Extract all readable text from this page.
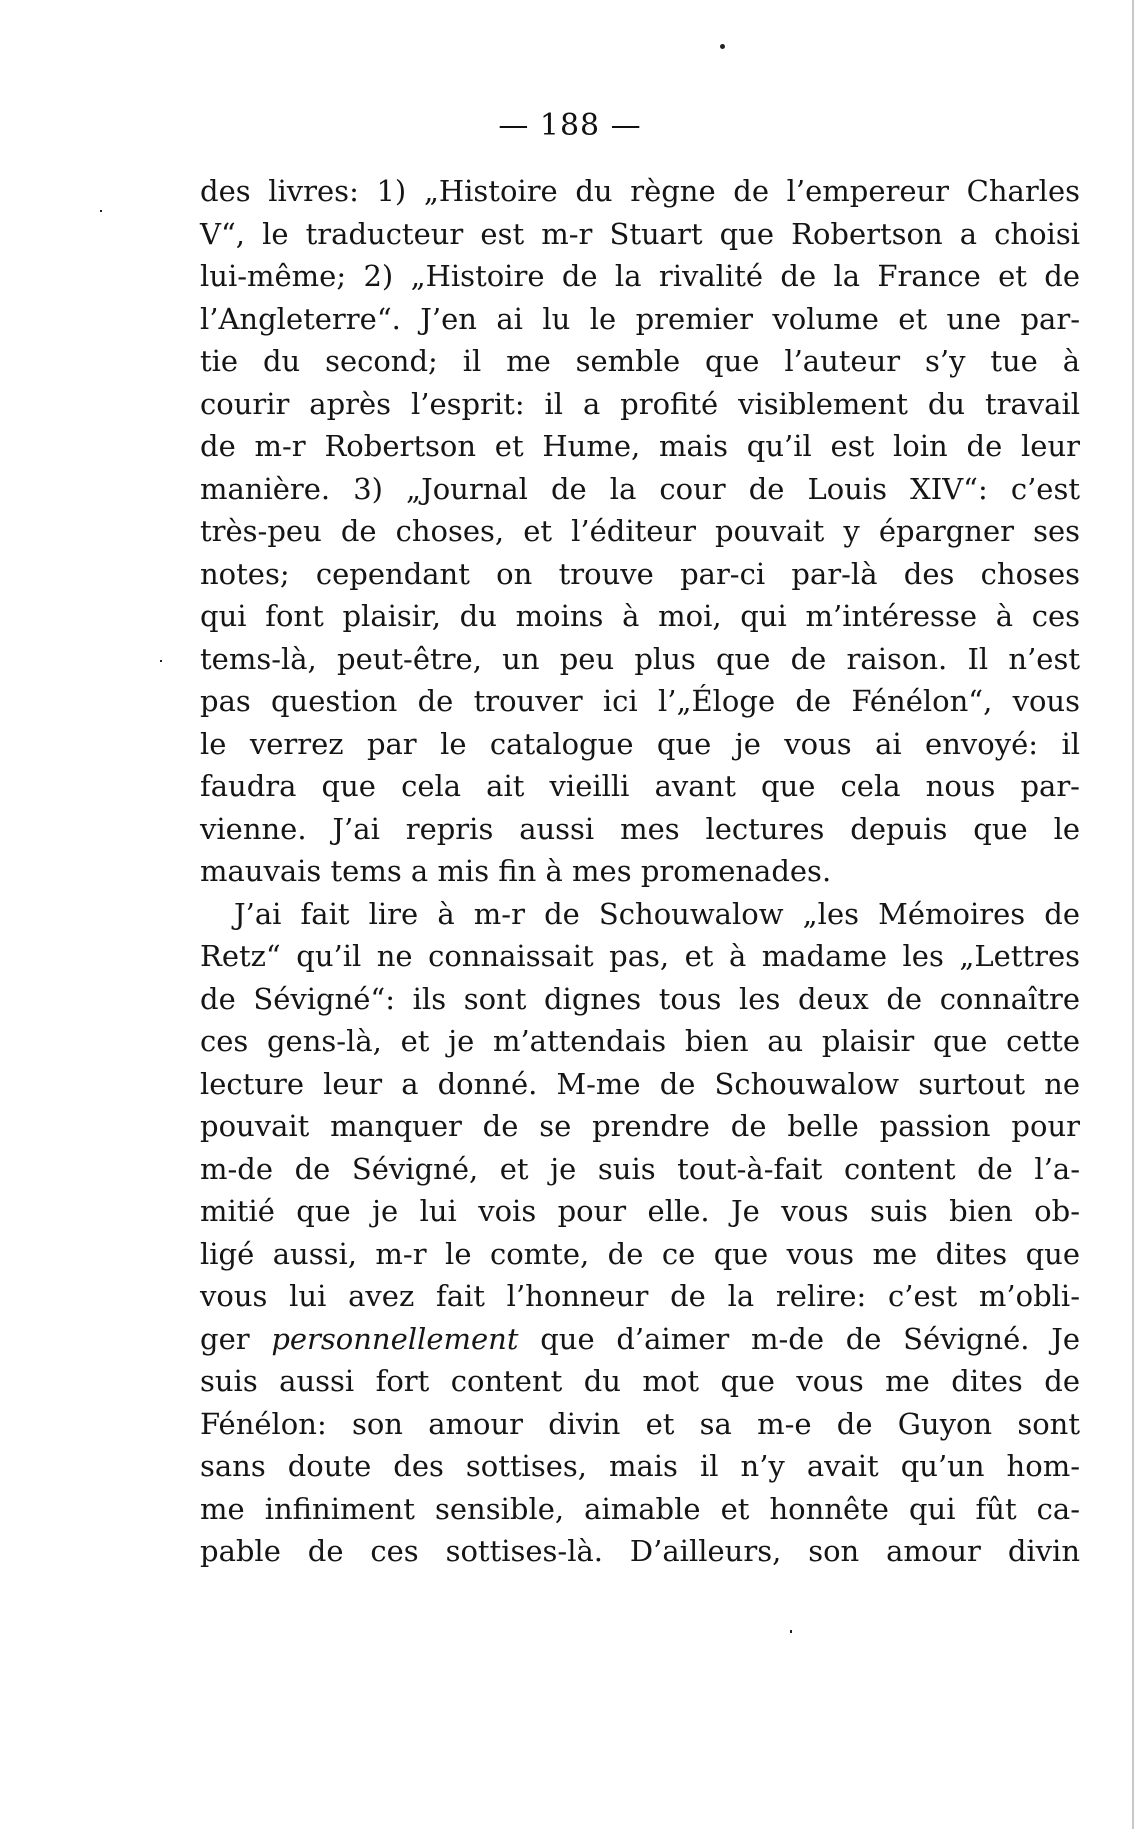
— 188 —
des livres: 1) „Histoire du règne de l’empereur Charles
V“, le traducteur est m-r Stuart que Robertson a choisi
lui-même; 2) „Histoire de la rivalité de la France et de
l’Angleterre“. J’en ai lu le premier volume et une par-
tie du second; il me semble que l’auteur s’y tue à
courir après l’esprit: il a profité visiblement du travail
de m-r Robertson et Hume, mais qu’il est loin de leur
manière. 3) „Journal de la cour de Louis XIV“: c’est
très-peu de choses, et l’éditeur pouvait y épargner ses
notes; cependant on trouve par-ci par-là des choses
qui font plaisir, du moins à moi, qui m’intéresse à ces
tems-là, peut-être, un peu plus que de raison. Il n’est
pas question de trouver ici l’„Éloge de Fénélon“, vous
le verrez par le catalogue que je vous ai envoyé: il
faudra que cela ait vieilli avant que cela nous par-
vienne. J’ai repris aussi mes lectures depuis que le
mauvais tems a mis fin à mes promenades.
J’ai fait lire à m-r de Schouwalow „les Mémoires de
Retz“ qu’il ne connaissait pas, et à madame les „Lettres
de Sévigné“: ils sont dignes tous les deux de connaître
ces gens-là, et je m’attendais bien au plaisir que cette
lecture leur a donné. M-me de Schouwalow surtout ne
pouvait manquer de se prendre de belle passion pour
m-de de Sévigné, et je suis tout-à-fait content de l’a-
mitié que je lui vois pour elle. Je vous suis bien ob-
ligé aussi, m-r le comte, de ce que vous me dites que
vous lui avez fait l’honneur de la relire: c’est m’obli-
ger personnellement que d’aimer m-de de Sévigné. Je
suis aussi fort content du mot que vous me dites de
Fénélon: son amour divin et sa m-e de Guyon sont
sans doute des sottises, mais il n’y avait qu’un hom-
me infiniment sensible, aimable et honnête qui fût ca-
pable de ces sottises-là. D’ailleurs, son amour divin
